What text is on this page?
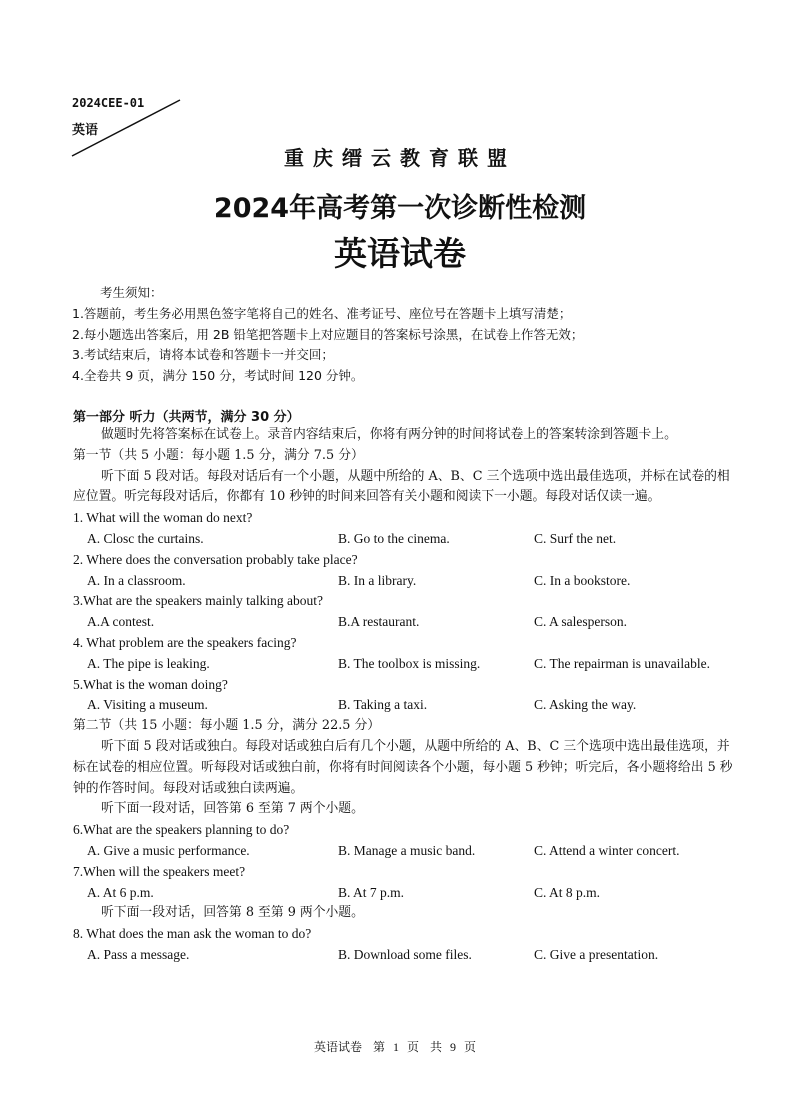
2024CEE-01
英语
重庆缙云教育联盟
2024年高考第一次诊断性检测
英语试卷
考生须知：
1.答题前，考生务必用黑色签字笔将自己的姓名、准考证号、座位号在答题卡上填写清楚；
2.每小题选出答案后，用 2B 铅笔把答题卡上对应题目的答案标号涂黑，在试卷上作答无效；
3.考试结束后，请将本试卷和答题卡一并交回；
4.全卷共 9 页，满分 150 分，考试时间 120 分钟。
第一部分 听力（共两节，满分 30 分）
做题时先将答案标在试卷上。录音内容结束后，你将有两分钟的时间将试卷上的答案转涂到答题卡上。
第一节（共 5 小题：每小题 1.5 分，满分 7.5 分）
听下面 5 段对话。每段对话后有一个小题，从题中所给的 A、B、C 三个选项中选出最佳选项，并标在试卷的相应位置。听完每段对话后，你都有 10 秒钟的时间来回答有关小题和阅读下一小题。每段对话仅读一遍。
1. What will the woman do next?
A. Closc the curtains.	B. Go to the cinema.	C. Surf the net.
2. Where does the conversation probably take place?
A. In a classroom.	B. In a library.	C. In a bookstore.
3.What are the speakers mainly talking about?
A.A contest.	B.A restaurant.	C. A salesperson.
4. What problem are the speakers facing?
A. The pipe is leaking.	B. The toolbox is missing.	C. The repairman is unavailable.
5.What is the woman doing?
A. Visiting a museum.	B. Taking a taxi.	C. Asking the way.
第二节（共 15 小题：每小题 1.5 分，满分 22.5 分）
听下面 5 段对话或独白。每段对话或独白后有几个小题，从题中所给的 A、B、C 三个选项中选出最佳选项，并标在试卷的相应位置。听每段对话或独白前，你将有时间阅读各个小题，每小题 5 秒钟；听完后，各小题将给出 5 秒钟的作答时间。每段对话或独白读两遍。
听下面一段对话，回答第 6 至第 7 两个小题。
6.What are the speakers planning to do?
A. Give a music performance.	B. Manage a music band.	C. Attend a winter concert.
7.When will the speakers meet?
A. At 6 p.m.	B. At 7 p.m.	C. At 8 p.m.
听下面一段对话，回答第 8 至第 9 两个小题。
8. What does the man ask the woman to do?
A. Pass a message.	B. Download some files.	C. Give a presentation.
英语试卷 第 1 页 共 9 页
